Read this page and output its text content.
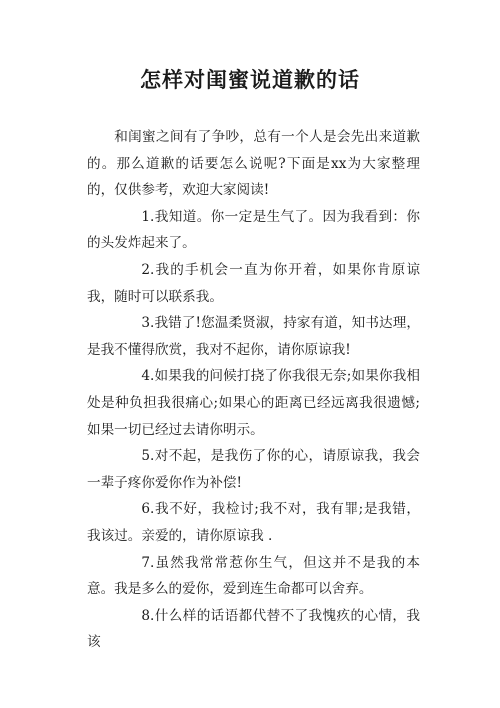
怎样对闺蜜说道歉的话

和闺蜜之间有了争吵，总有一个人是会先出来道歉的。那么道歉的话要怎么说呢?下面是xx为大家整理的，仅供参考，欢迎大家阅读!

1.我知道。你一定是生气了。因为我看到：你的头发炸起来了。

2.我的手机会一直为你开着，如果你肯原谅我，随时可以联系我。

3.我错了!您温柔贤淑，持家有道，知书达理，是我不懂得欣赏，我对不起你，请你原谅我!

4.如果我的问候打挠了你我很无奈;如果你我相处是种负担我很痛心;如果心的距离已经远离我很遗憾;如果一切已经过去请你明示。

5.对不起，是我伤了你的心，请原谅我，我会一辈子疼你爱你作为补偿!

6.我不好，我检讨;我不对，我有罪;是我错，我该过。亲爱的，请你原谅我 .

7.虽然我常常惹你生气，但这并不是我的本意。我是多么的爱你，爱到连生命都可以舍弃。

8.什么样的话语都代替不了我愧疚的心情，我该
